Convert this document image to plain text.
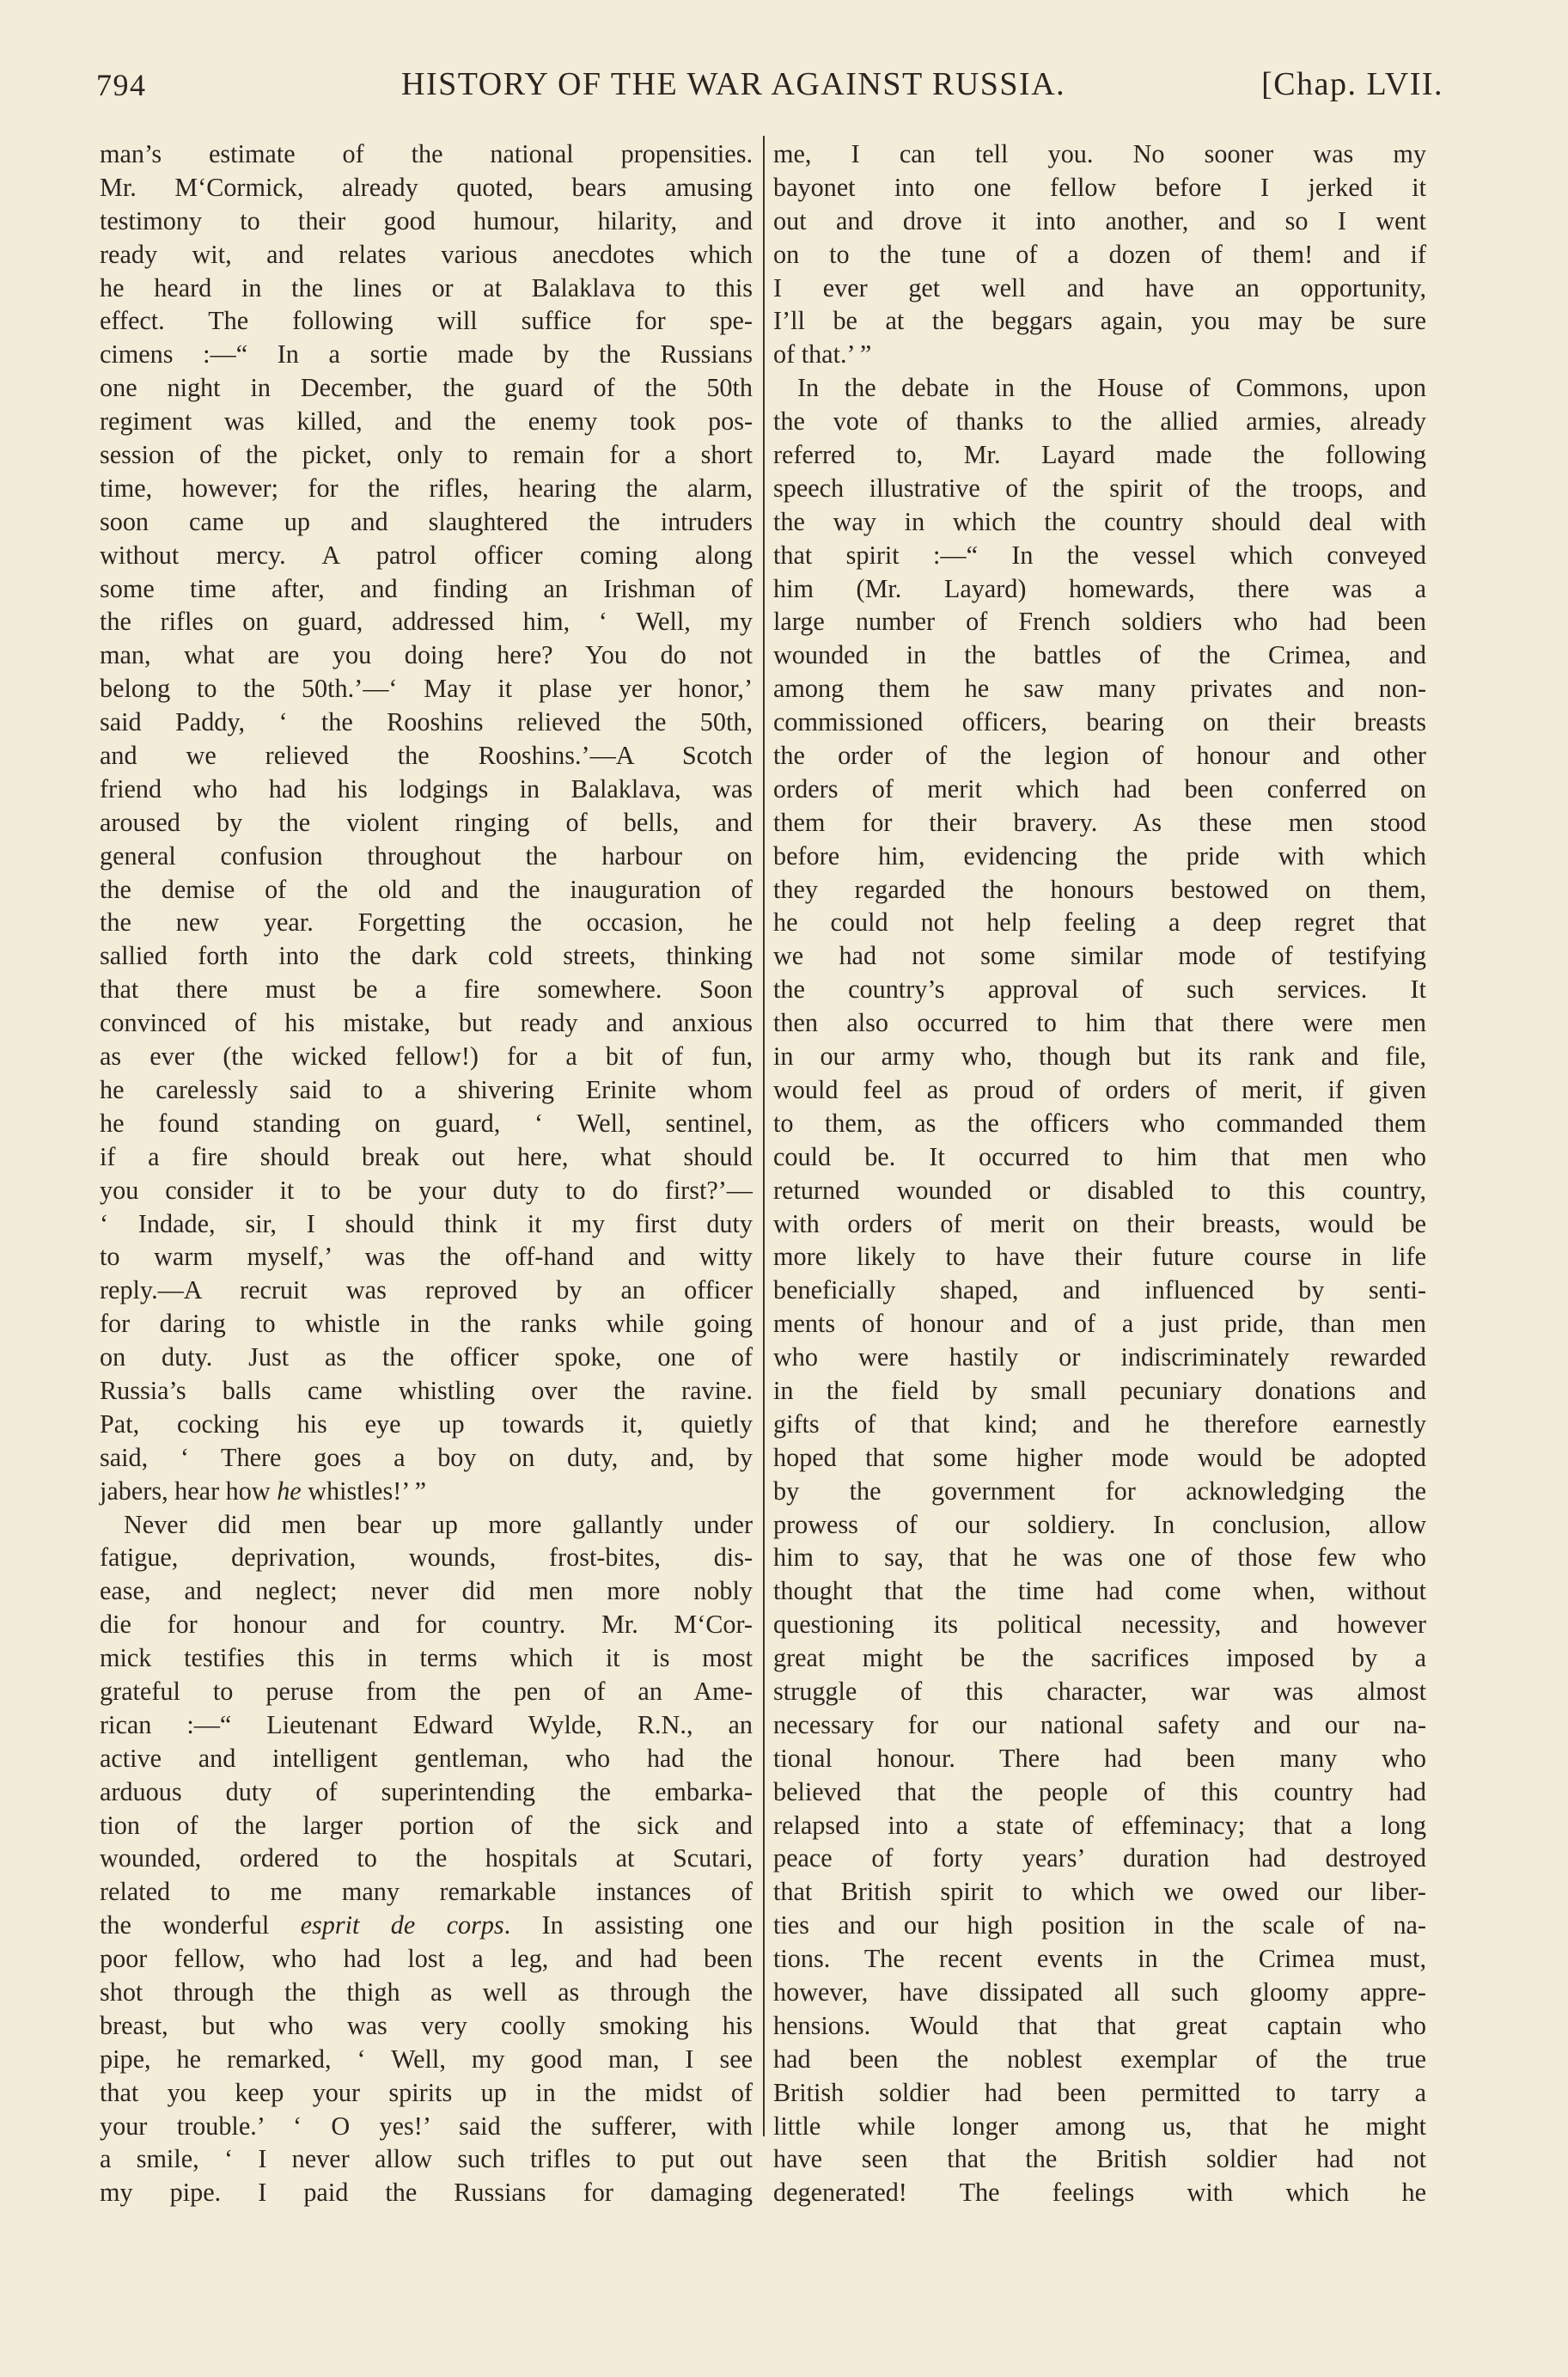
794	HISTORY OF THE WAR AGAINST RUSSIA.	[Chap. LVII.
man’s estimate of the national propensities.
Mr. M‘Cormick, already quoted, bears amusing
testimony to their good humour, hilarity, and
ready wit, and relates various anecdotes which
he heard in the lines or at Balaklava to this
effect. The following will suffice for spe-
cimens :—“ In a sortie made by the Russians
one night in December, the guard of the 50th
regiment was killed, and the enemy took pos-
session of the picket, only to remain for a short
time, however; for the rifles, hearing the alarm,
soon came up and slaughtered the intruders
without mercy. A patrol officer coming along
some time after, and finding an Irishman of
the rifles on guard, addressed him, ‘ Well, my
man, what are you doing here? You do not
belong to the 50th.’—‘ May it plase yer honor,’
said Paddy, ‘ the Rooshins relieved the 50th,
and we relieved the Rooshins.’—A Scotch
friend who had his lodgings in Balaklava, was
aroused by the violent ringing of bells, and
general confusion throughout the harbour on
the demise of the old and the inauguration of
the new year. Forgetting the occasion, he
sallied forth into the dark cold streets, thinking
that there must be a fire somewhere. Soon
convinced of his mistake, but ready and anxious
as ever (the wicked fellow!) for a bit of fun,
he carelessly said to a shivering Erinite whom
he found standing on guard, ‘ Well, sentinel,
if a fire should break out here, what should
you consider it to be your duty to do first?’—
‘ Indade, sir, I should think it my first duty
to warm myself,’ was the off-hand and witty
reply.—A recruit was reproved by an officer
for daring to whistle in the ranks while going
on duty. Just as the officer spoke, one of
Russia’s balls came whistling over the ravine.
Pat, cocking his eye up towards it, quietly
said, ‘ There goes a boy on duty, and, by
jabers, hear how he whistles!’ ”
Never did men bear up more gallantly under
fatigue, deprivation, wounds, frost-bites, dis-
ease, and neglect; never did men more nobly
die for honour and for country. Mr. M‘Cor-
mick testifies this in terms which it is most
grateful to peruse from the pen of an Ame-
rican :—“ Lieutenant Edward Wylde, R.N., an
active and intelligent gentleman, who had the
arduous duty of superintending the embarka-
tion of the larger portion of the sick and
wounded, ordered to the hospitals at Scutari,
related to me many remarkable instances of
the wonderful esprit de corps. In assisting one
poor fellow, who had lost a leg, and had been
shot through the thigh as well as through the
breast, but who was very coolly smoking his
pipe, he remarked, ‘ Well, my good man, I see
that you keep your spirits up in the midst of
your trouble.’ ‘ O yes!’ said the sufferer, with
a smile, ‘ I never allow such trifles to put out
my pipe. I paid the Russians for damaging
me, I can tell you. No sooner was my
bayonet into one fellow before I jerked it
out and drove it into another, and so I went
on to the tune of a dozen of them! and if
I ever get well and have an opportunity,
I’ll be at the beggars again, you may be sure
of that.’ ”
In the debate in the House of Commons, upon
the vote of thanks to the allied armies, already
referred to, Mr. Layard made the following
speech illustrative of the spirit of the troops, and
the way in which the country should deal with
that spirit :—“ In the vessel which conveyed
him (Mr. Layard) homewards, there was a
large number of French soldiers who had been
wounded in the battles of the Crimea, and
among them he saw many privates and non-
commissioned officers, bearing on their breasts
the order of the legion of honour and other
orders of merit which had been conferred on
them for their bravery. As these men stood
before him, evidencing the pride with which
they regarded the honours bestowed on them,
he could not help feeling a deep regret that
we had not some similar mode of testifying
the country’s approval of such services. It
then also occurred to him that there were men
in our army who, though but its rank and file,
would feel as proud of orders of merit, if given
to them, as the officers who commanded them
could be. It occurred to him that men who
returned wounded or disabled to this country,
with orders of merit on their breasts, would be
more likely to have their future course in life
beneficially shaped, and influenced by senti-
ments of honour and of a just pride, than men
who were hastily or indiscriminately rewarded
in the field by small pecuniary donations and
gifts of that kind; and he therefore earnestly
hoped that some higher mode would be adopted
by the government for acknowledging the
prowess of our soldiery. In conclusion, allow
him to say, that he was one of those few who
thought that the time had come when, without
questioning its political necessity, and however
great might be the sacrifices imposed by a
struggle of this character, war was almost
necessary for our national safety and our na-
tional honour. There had been many who
believed that the people of this country had
relapsed into a state of effeminacy; that a long
peace of forty years’ duration had destroyed
that British spirit to which we owed our liber-
ties and our high position in the scale of na-
tions. The recent events in the Crimea must,
however, have dissipated all such gloomy appre-
hensions. Would that that great captain who
had been the noblest exemplar of the true
British soldier had been permitted to tarry a
little while longer among us, that he might
have seen that the British soldier had not
degenerated! The feelings with which he
